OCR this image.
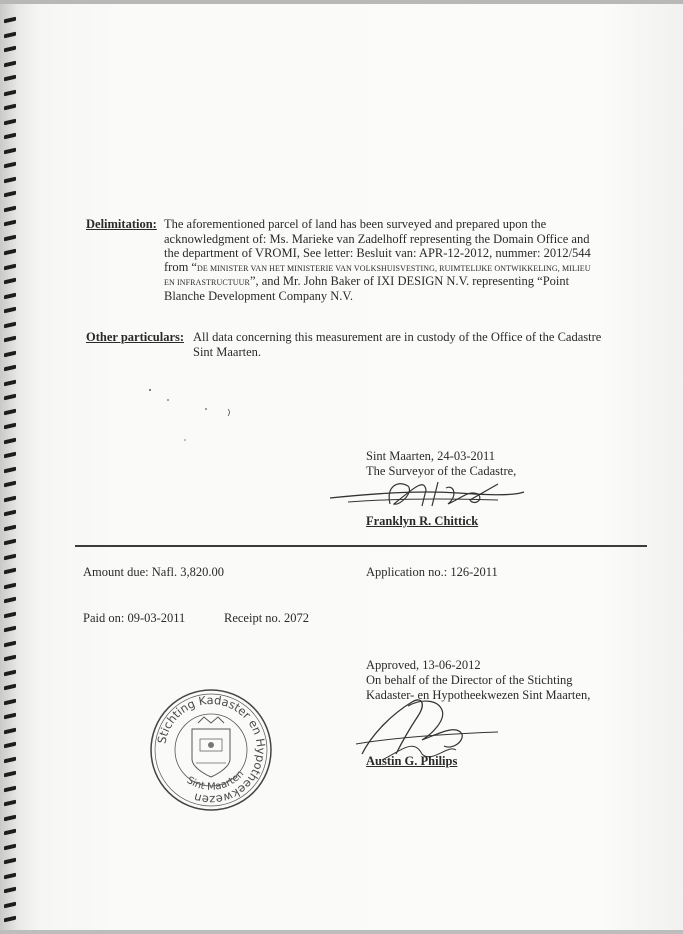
Delimitation: The aforementioned parcel of land has been surveyed and prepared upon the
acknowledgment of: Ms. Marieke van Zadelhoff representing the Domain Office and
the department of VROMI, See letter: Besluit van: APR-12-2012, nummer: 2012/544
from “DE MINISTER VAN HET MINISTERIE VAN VOLKSHUISVESTING, RUIMTELIJKE ONTWIKKELING, MILIEU
EN INFRASTRUCTUUR”, and Mr. John Baker of IXI DESIGN N.V. representing “Point
Blanche Development Company N.V.
Other particulars: All data concerning this measurement are in custody of the Office of the Cadastre
Sint Maarten.
Sint Maarten, 24-03-2011
The Surveyor of the Cadastre,
Franklyn R. Chittick
Amount due: Nafl. 3,820.00	Application no.: 126-2011
Paid on: 09-03-2011	Receipt no. 2072
Approved, 13-06-2012
On behalf of the Director of the Stichting
Kadaster- en Hypotheekwezen Sint Maarten,
Austin G. Philips
Stichting Kadaster en Hypotheekwezen
Sint Maarten
